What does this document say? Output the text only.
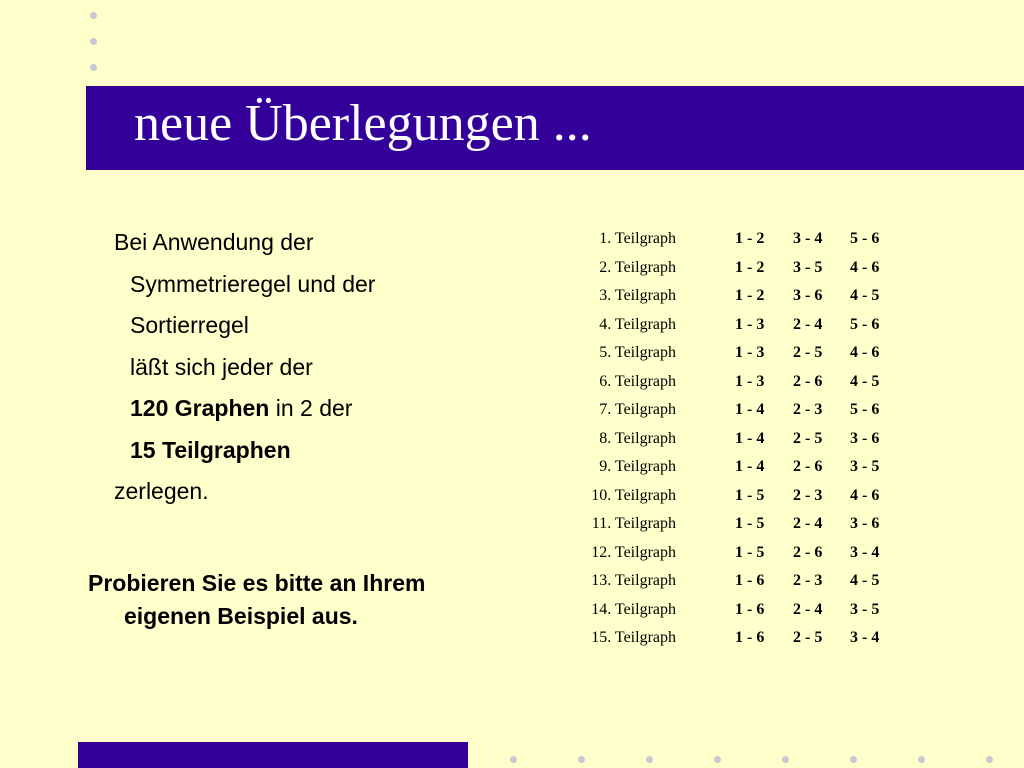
neue Überlegungen ...
Bei Anwendung der
Symmetrieregel und der
Sortierregel
läßt sich jeder der
120 Graphen in 2 der
15 Teilgraphen
zerlegen.
Probieren Sie es bitte an Ihrem
eigenen Beispiel aus.
1. Teilgraph	1 - 2 3 - 4 5 - 6
2. Teilgraph	1 - 2 3 - 5 4 - 6
3. Teilgraph	1 - 2 3 - 6 4 - 5
4. Teilgraph	1 - 3 2 - 4 5 - 6
5. Teilgraph	1 - 3 2 - 5 4 - 6
6. Teilgraph	1 - 3 2 - 6 4 - 5
7. Teilgraph	1 - 4 2 - 3 5 - 6
8. Teilgraph	1 - 4 2 - 5 3 - 6
9. Teilgraph	1 - 4 2 - 6 3 - 5
10. Teilgraph	1 - 5 2 - 3 4 - 6
11. Teilgraph	1 - 5 2 - 4 3 - 6
12. Teilgraph	1 - 5 2 - 6 3 - 4
13. Teilgraph	1 - 6 2 - 3 4 - 5
14. Teilgraph	1 - 6 2 - 4 3 - 5
15. Teilgraph	1 - 6 2 - 5 3 - 4
